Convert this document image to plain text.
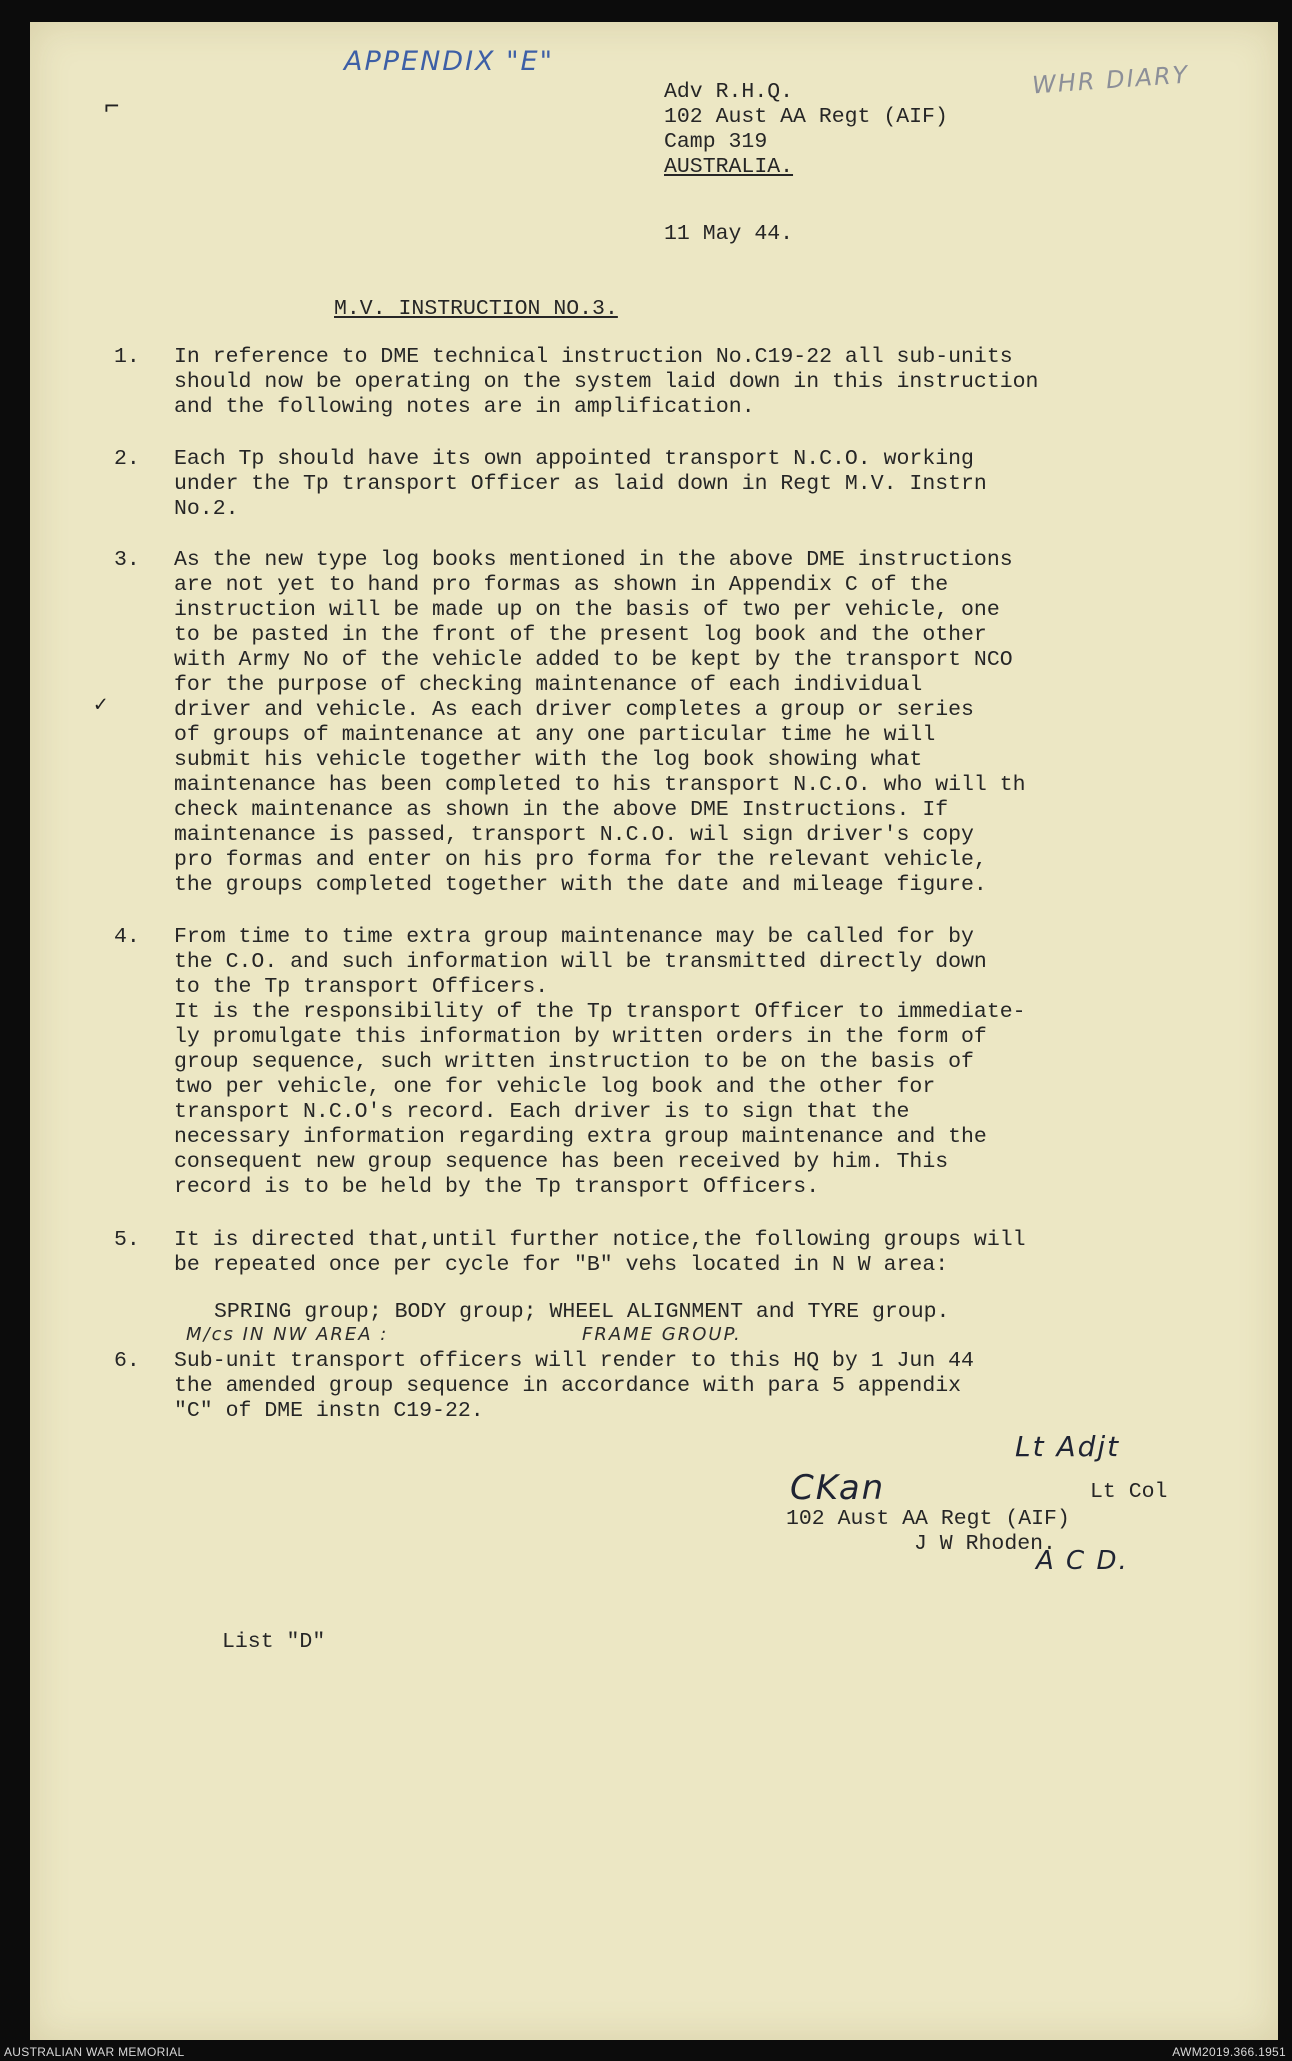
APPENDIX "E"	WHR DIARY
⌐	Adv R.H.Q.
102 Aust AA Regt (AIF)
Camp 319
AUSTRALIA.
11 May 44.
M.V. INSTRUCTION NO.3.
1. In reference to DME technical instruction No.C19-22 all sub-units
should now be operating on the system laid down in this instruction
and the following notes are in amplification.
2. Each Tp should have its own appointed transport N.C.O. working
under the Tp transport Officer as laid down in Regt M.V. Instrn
No.2.
3. As the new type log books mentioned in the above DME instructions
are not yet to hand pro formas as shown in Appendix C of the
instruction will be made up on the basis of two per vehicle, one
to be pasted in the front of the present log book and the other
with Army No of the vehicle added to be kept by the transport NCO
for the purpose of checking maintenance of each individual
driver and vehicle. As each driver completes a group or series
of groups of maintenance at any one particular time he will
submit his vehicle together with the log book showing what
maintenance has been completed to his transport N.C.O. who will th
check maintenance as shown in the above DME Instructions. If
maintenance is passed, transport N.C.O. wil sign driver's copy
pro formas and enter on his pro forma for the relevant vehicle,
the groups completed together with the date and mileage figure.
✓
4. From time to time extra group maintenance may be called for by
the C.O. and such information will be transmitted directly down
to the Tp transport Officers.
It is the responsibility of the Tp transport Officer to immediate-
ly promulgate this information by written orders in the form of
group sequence, such written instruction to be on the basis of
two per vehicle, one for vehicle log book and the other for
transport N.C.O's record. Each driver is to sign that the
necessary information regarding extra group maintenance and the
consequent new group sequence has been received by him. This
record is to be held by the Tp transport Officers.
5. It is directed that,until further notice,the following groups will
be repeated once per cycle for "B" vehs located in N W area:
SPRING group; BODY group; WHEEL ALIGNMENT and TYRE group.
M/cs IN NW AREA :	FRAME GROUP.
6. Sub-unit transport officers will render to this HQ by 1 Jun 44
the amended group sequence in accordance with para 5 appendix
"C" of DME instn C19-22.
Lt Adjt
CKan	Lt Col
102 Aust AA Regt (AIF)
J W Rhoden.
A C D.
List "D"
AUSTRALIAN WAR MEMORIAL	AWM2019.366.1951
